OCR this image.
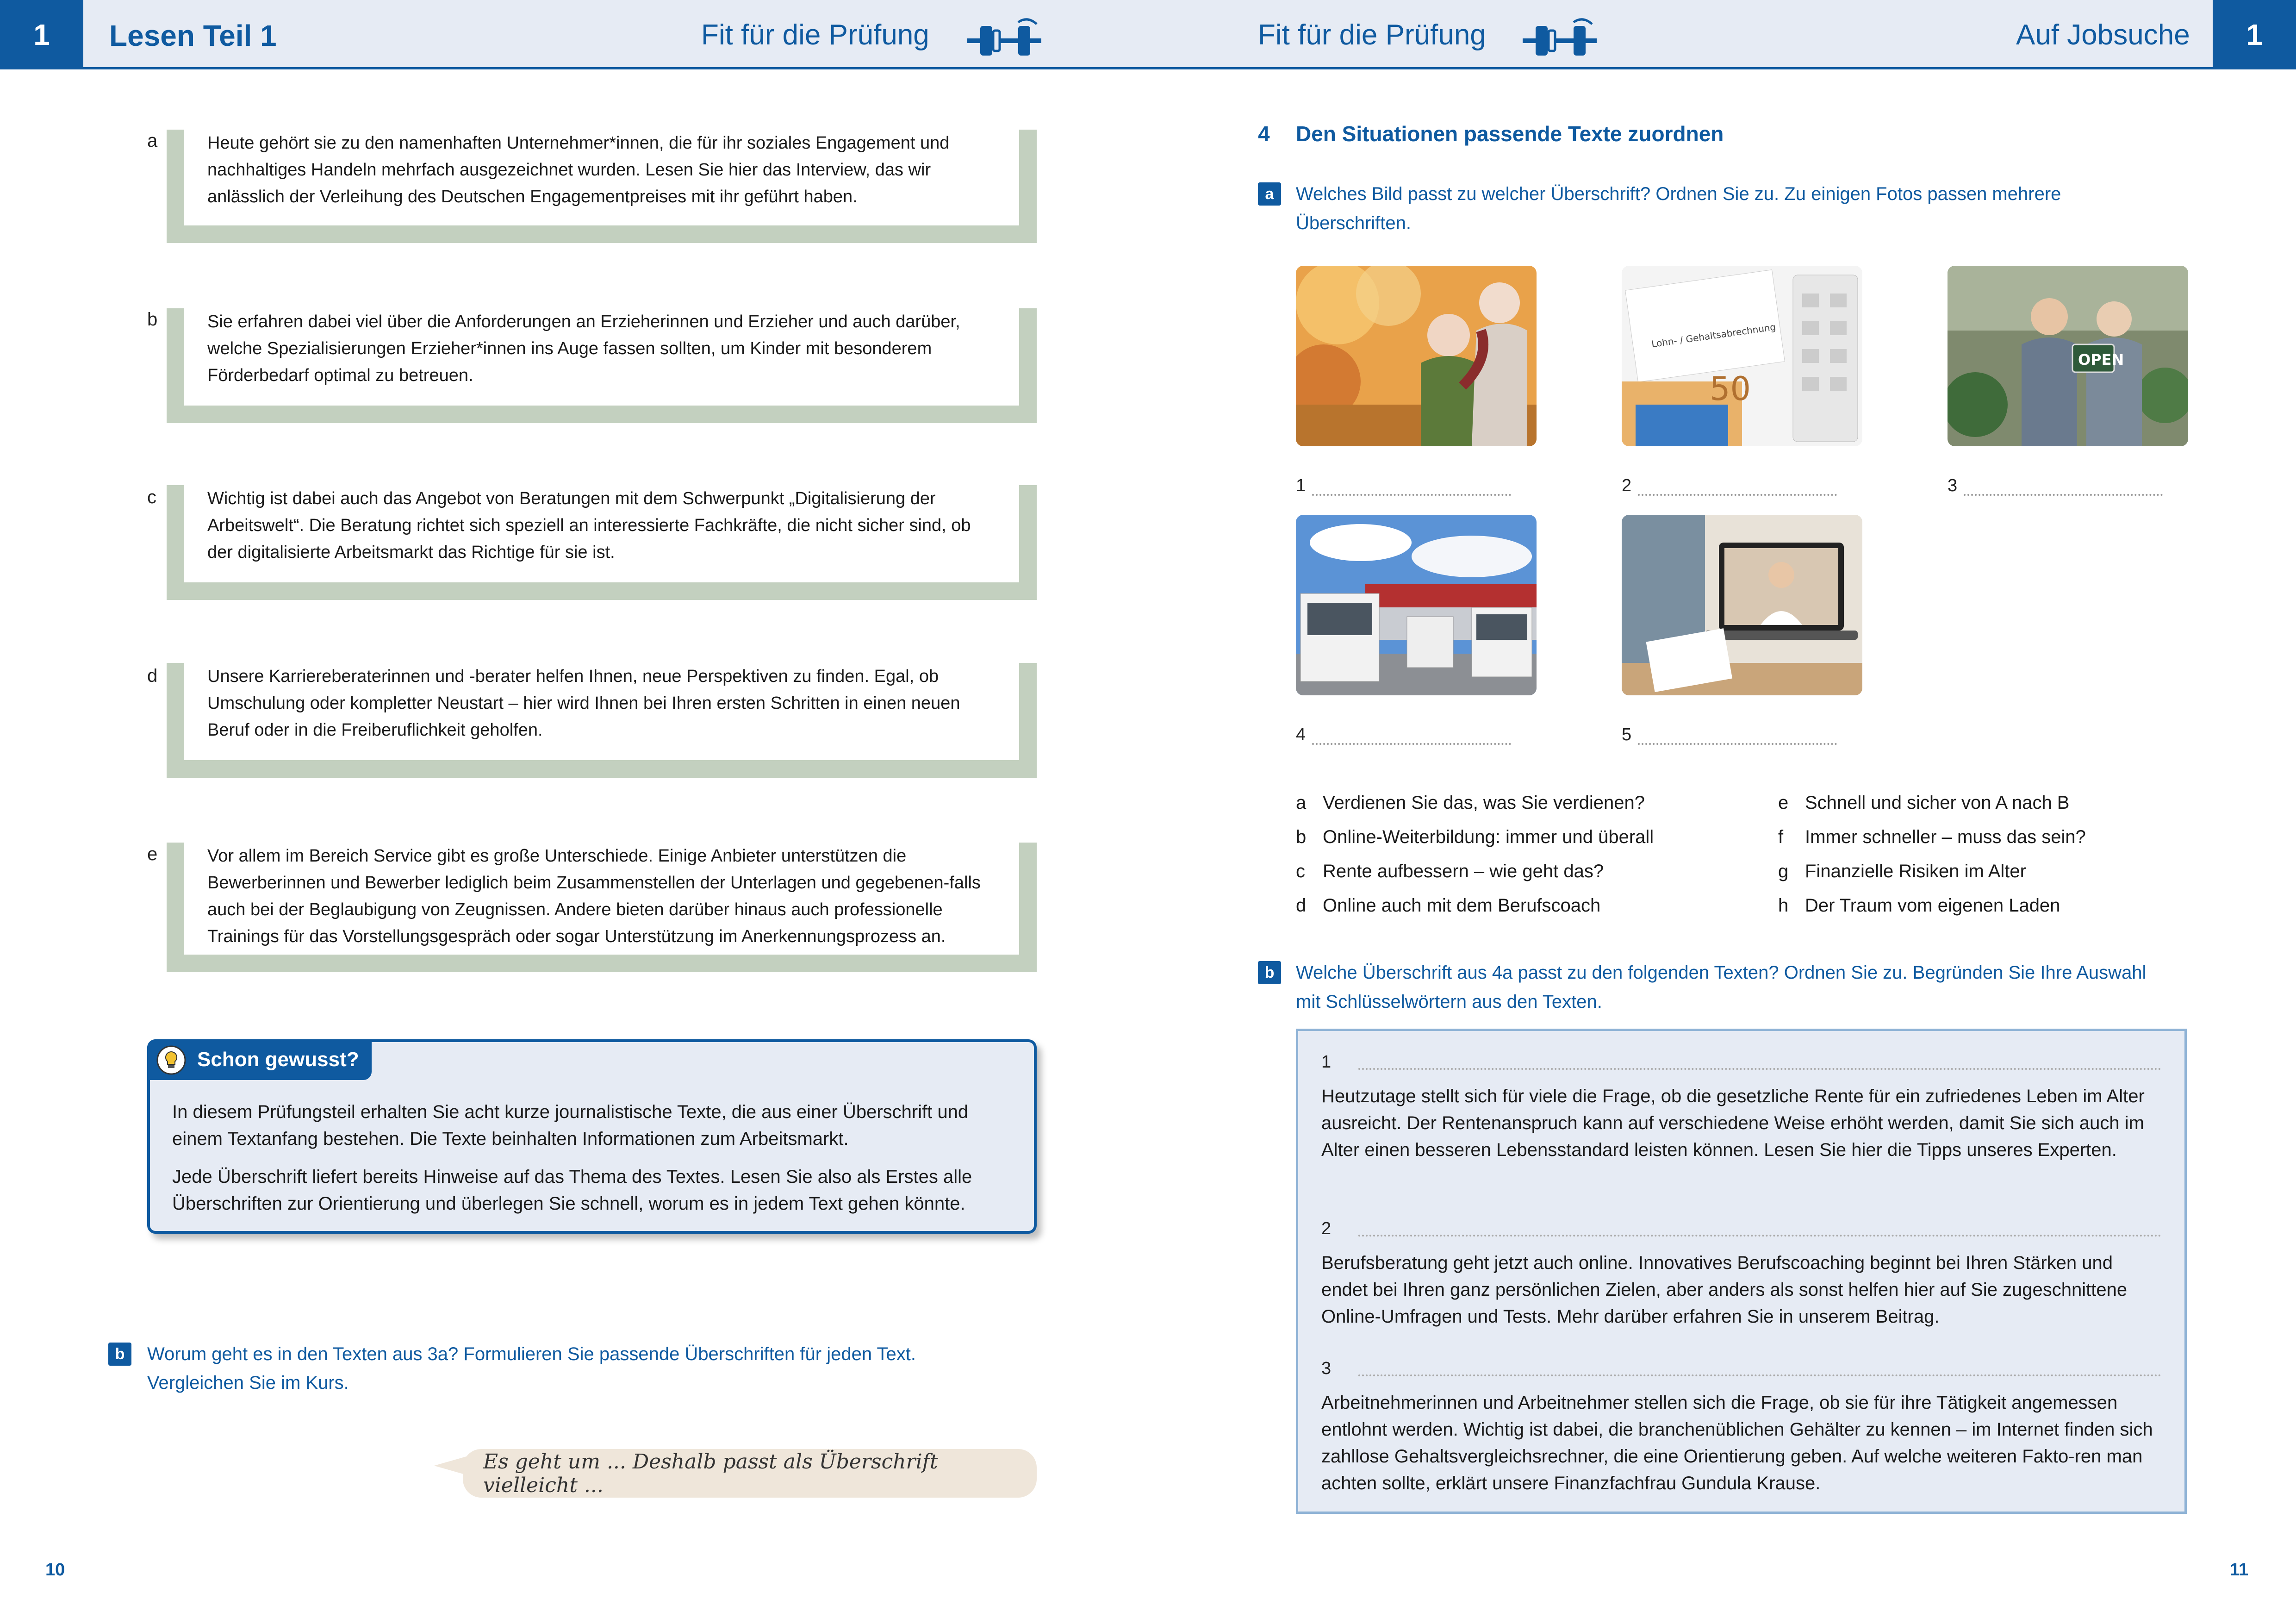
1	Lesen Teil 1	Fit für die Prüfung	Fit für die Prüfung	Auf Jobsuche	1
a	Heute gehört sie zu den namenhaften Unternehmer*innen, die für ihr soziales Engagement und nachhaltiges Handeln mehrfach ausgezeichnet wurden. Lesen Sie hier das Interview, das wir anlässlich der Verleihung des Deutschen Engagementpreises mit ihr geführt haben.
b	Sie erfahren dabei viel über die Anforderungen an Erzieherinnen und Erzieher und auch darüber, welche Spezialisierungen Erzieher*innen ins Auge fassen sollten, um Kinder mit besonderem Förderbedarf optimal zu betreuen.
c	Wichtig ist dabei auch das Angebot von Beratungen mit dem Schwerpunkt „Digitalisierung der Arbeitswelt“. Die Beratung richtet sich speziell an interessierte Fachkräfte, die nicht sicher sind, ob der digitalisierte Arbeitsmarkt das Richtige für sie ist.
d	Unsere Karriereberaterinnen und -berater helfen Ihnen, neue Perspektiven zu finden. Egal, ob Umschulung oder kompletter Neustart – hier wird Ihnen bei Ihren ersten Schritten in einen neuen Beruf oder in die Freiberuflichkeit geholfen.
e	Vor allem im Bereich Service gibt es große Unterschiede. Einige Anbieter unterstützen die Bewerberinnen und Bewerber lediglich beim Zusammenstellen der Unterlagen und gegebenen-falls auch bei der Beglaubigung von Zeugnissen. Andere bieten darüber hinaus auch professionelle Trainings für das Vorstellungsgespräch oder sogar Unterstützung im Anerkennungsprozess an.

In diesem Prüfungsteil erhalten Sie acht kurze journalistische Texte, die aus einer Überschrift und einem Textanfang bestehen. Die Texte beinhalten Informationen zum Arbeitsmarkt.

Jede Überschrift liefert bereits Hinweise auf das Thema des Textes. Lesen Sie also als Erstes alle Überschriften zur Orientierung und überlegen Sie schnell, worum es in jedem Text gehen könnte.

Schon gewusst?
b	Worum geht es in den Texten aus 3a? Formulieren Sie passende Überschriften für jeden Text.
Vergleichen Sie im Kurs.
Es geht um ... Deshalb passt als Überschrift vielleicht ...
10
4 Den Situationen passende Texte zuordnen
a	Welches Bild passt zu welcher Überschrift? Ordnen Sie zu. Zu einigen Fotos passen mehrere
Überschriften.
Lohn- / Gehaltsabrechnung
50
OPEN
1	2	3
4	5
a Verdienen Sie das, was Sie verdienen?
b Online-Weiterbildung: immer und überall
c Rente aufbessern – wie geht das?
d Online auch mit dem Berufscoach
e Schnell und sicher von A nach B
f Immer schneller – muss das sein?
g Finanzielle Risiken im Alter
h Der Traum vom eigenen Laden
b	Welche Überschrift aus 4a passt zu den folgenden Texten? Ordnen Sie zu. Begründen Sie Ihre Auswahl
mit Schlüsselwörtern aus den Texten.
1
Heutzutage stellt sich für viele die Frage, ob die gesetzliche Rente für ein zufriedenes Leben im Alter ausreicht. Der Rentenanspruch kann auf verschiedene Weise erhöht werden, damit Sie sich auch im Alter einen besseren Lebensstandard leisten können. Lesen Sie hier die Tipps unseres Experten.
2
Berufsberatung geht jetzt auch online. Innovatives Berufscoaching beginnt bei Ihren Stärken und endet bei Ihren ganz persönlichen Zielen, aber anders als sonst helfen hier auf Sie zugeschnittene Online-Umfragen und Tests. Mehr darüber erfahren Sie in unserem Beitrag.
3
Arbeitnehmerinnen und Arbeitnehmer stellen sich die Frage, ob sie für ihre Tätigkeit angemessen entlohnt werden. Wichtig ist dabei, die branchenüblichen Gehälter zu kennen – im Internet finden sich zahllose Gehaltsvergleichsrechner, die eine Orientierung geben. Auf welche weiteren Fakto-ren man achten sollte, erklärt unsere Finanzfachfrau Gundula Krause.
11
